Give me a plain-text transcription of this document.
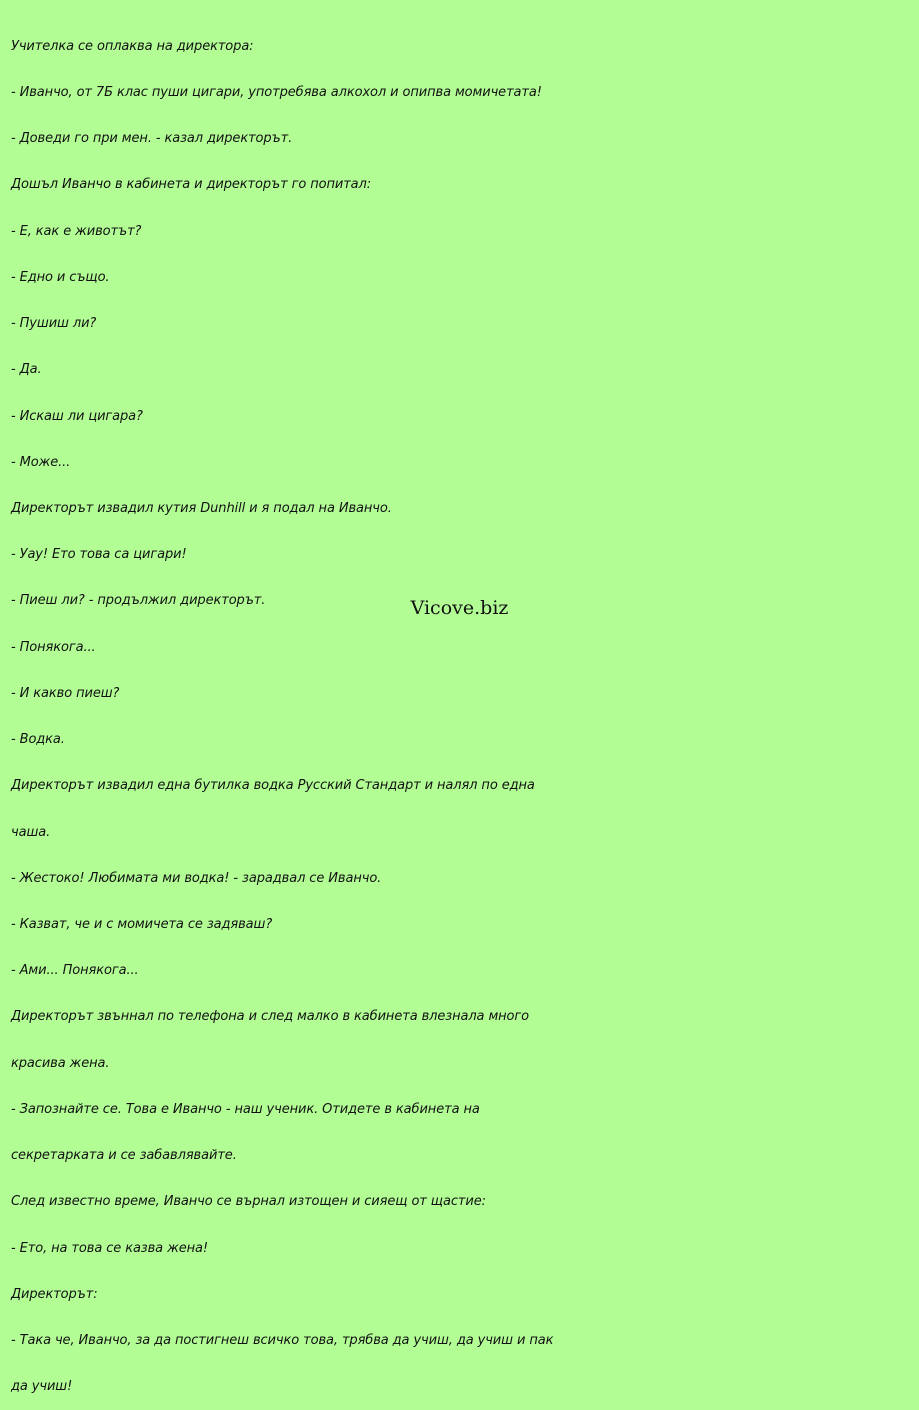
Учителка се оплаква на директора:

- Иванчо, от 7Б клас пуши цигари, употребява алкохол и опипва момичетата!

- Доведи го при мен. - казал директорът.

Дошъл Иванчо в кабинета и директорът го попитал:

- Е, как е животът?

- Едно и също.

- Пушиш ли?

- Да.

- Искаш ли цигара?

- Може...

Директорът извадил кутия Dunhill и я подал на Иванчо.

- Уау! Ето това са цигари!

- Пиеш ли? - продължил директорът.

- Понякога...

- И какво пиеш?

- Водка.

Директорът извадил една бутилка водка Русский Стандарт и налял по една

чаша.

- Жестоко! Любимата ми водка! - зарадвал се Иванчо.

- Казват, че и с момичета се задяваш?

- Ами... Понякога...

Директорът звъннал по телефона и след малко в кабинета влезнала много

красива жена.

- Запознайте се. Това е Иванчо - наш ученик. Отидете в кабинета на

секретарката и се забавлявайте.

След известно време, Иванчо се върнал изтощен и сияещ от щастие:

- Ето, на това се казва жена!

Директорът:

- Така че, Иванчо, за да постигнеш всичко това, трябва да учиш, да учиш и пак

да учиш!

Vicove.biz
